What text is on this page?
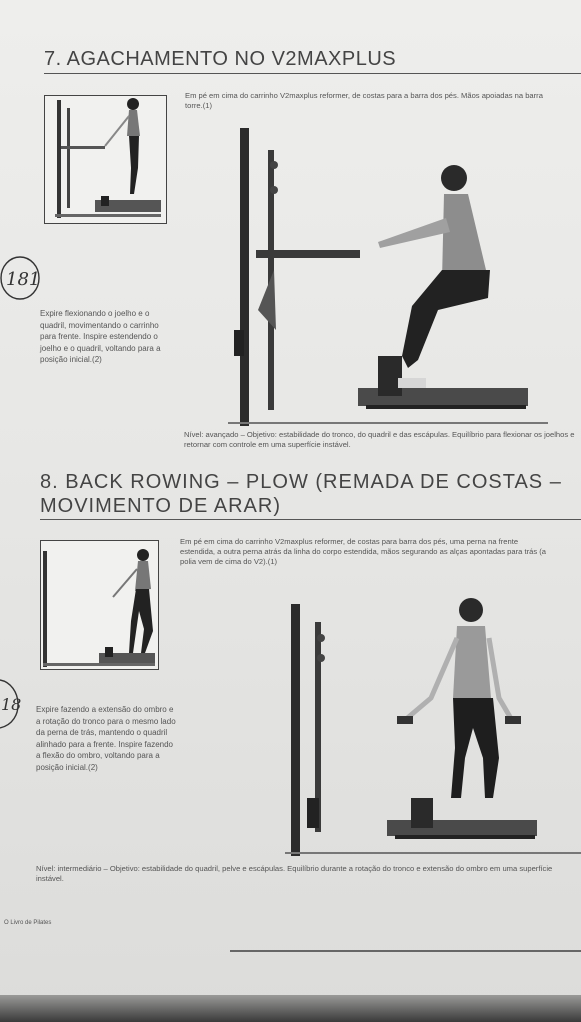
7. AGACHAMENTO NO V2MAXPLUS
Em pé em cima do carrinho V2maxplus reformer, de costas para a barra dos pés. Mãos apoiadas na barra torre.(1)
Expire flexionando o joelho e o quadril, movimentando o carrinho para frente. Inspire estendendo o joelho e o quadril, voltando para a posição inicial.(2)
181
Nível: avançado – Objetivo: estabilidade do tronco, do quadril e das escápulas. Equilíbrio para flexionar os joelhos e retornar com controle em uma superfície instável.
8. BACK ROWING – PLOW (REMADA DE COSTAS –
MOVIMENTO DE ARAR)
Em pé em cima do carrinho V2maxplus reformer, de costas para barra dos pés, uma perna na frente estendida, a outra perna atrás da linha do corpo estendida, mãos segurando as alças apontadas para trás (a polia vem de cima do V2).(1)
Expire fazendo a extensão do ombro e a rotação do tronco para o mesmo lado da perna de trás, mantendo o quadril alinhado para a frente. Inspire fazendo a flexão do ombro, voltando para a posição inicial.(2)
18
Nível: intermediário – Objetivo: estabilidade do quadril, pelve e escápulas. Equilíbrio durante a rotação do tronco e extensão do ombro em uma superfície instável.
O Livro de Pilates
